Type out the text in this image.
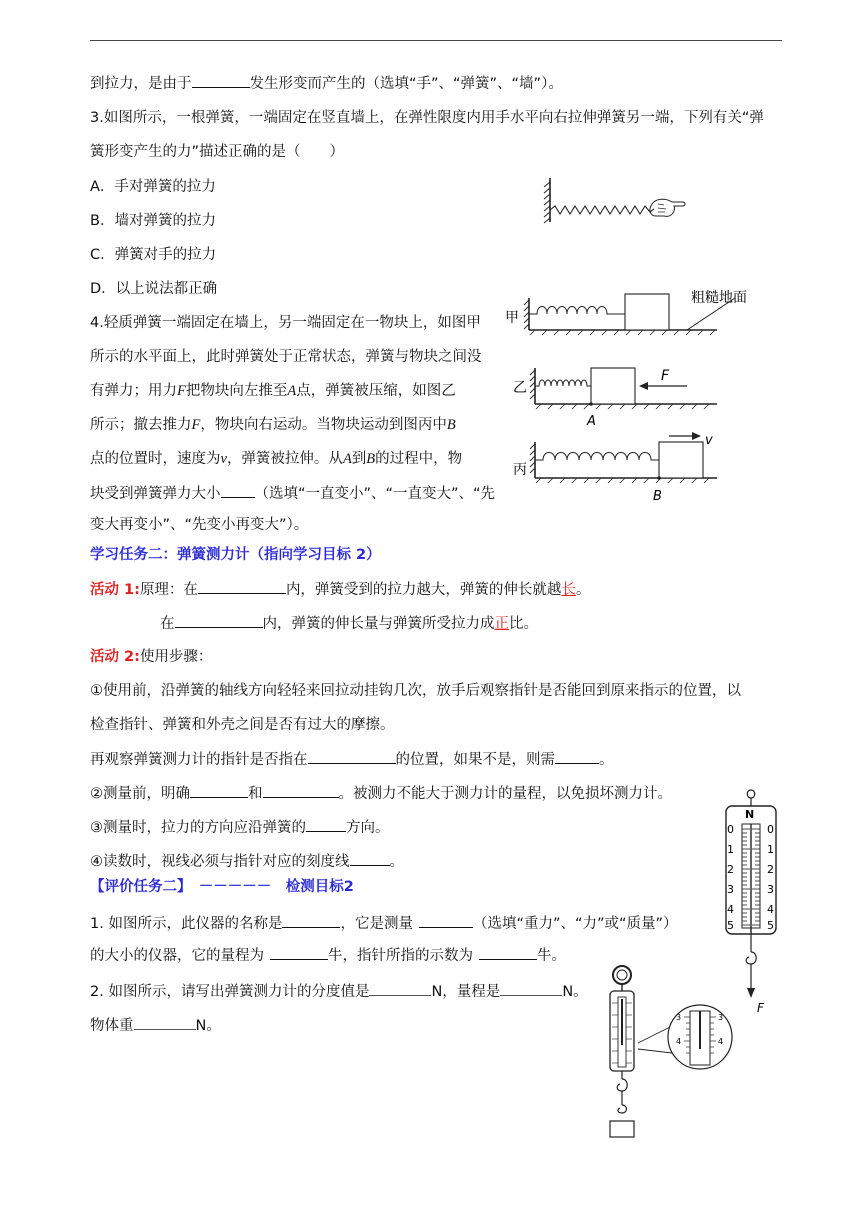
到拉力，是由于	发生形变而产生的（选填“手”、“弹簧”、“墙”）。
3.如图所示，一根弹簧，一端固定在竖直墙上，在弹性限度内用手水平向右拉伸弹簧另一端，下列有关“弹
簧形变产生的力”描述正确的是（　　）
A．手对弹簧的拉力
B．墙对弹簧的拉力
C．弹簧对手的拉力
D．以上说法都正确
4.轻质弹簧一端固定在墙上，另一端固定在一物块上，如图甲
所示的水平面上，此时弹簧处于正常状态，弹簧与物块之间没
有弹力；用力F把物块向左推至A点，弹簧被压缩，如图乙
所示；撤去推力F，物块向右运动。当物块运动到图丙中B
点的位置时，速度为v，弹簧被拉伸。从A到B的过程中，物
块受到弹簧弹力大小 （选填“一直变小”、“一直变大”、“先
变大再变小”、“先变小再变大”）。
甲
粗糙地面
乙
A
F
丙
B
v
学习任务二：弹簧测力计（指向学习目标 2）
活动 1:原理：在	内，弹簧受到的拉力越大，弹簧的伸长就越长。
在	内，弹簧的伸长量与弹簧所受拉力成正比。
活动 2:使用步骤：
①使用前，沿弹簧的轴线方向轻轻来回拉动挂钩几次，放手后观察指针是否能回到原来指示的位置，以
检查指针、弹簧和外壳之间是否有过大的摩擦。
再观察弹簧测力计的指针是否指在	的位置，如果不是，则需	。
②测量前，明确	和	。被测力不能大于测力计的量程，以免损坏测力计。
③测量时，拉力的方向应沿弹簧的	方向。
④读数时，视线必须与指针对应的刻度线	。
【评价任务二】　－－－－－　检测目标2
1. 如图所示，此仪器的名称是	，它是测量	（选填“重力”、“力”或“质量”）
的大小的仪器，它的量程为	牛，指针所指的示数为	牛。
2. 如图所示，请写出弹簧测力计的分度值是	N，量程是	N。
物体重	N。
N
0
1
2
3
4
5
0
1
2
3
4
5
F
3
4
3
4
